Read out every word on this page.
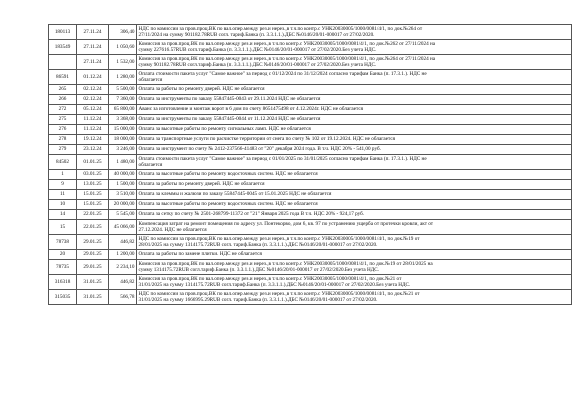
180113	27.11.24	306,40	НДС по комиссии за пров.проц.ВК по вал.опер.между рез.и нерез.,в т.ч.по контр.с УНК20030005/1000/0081/4/1, по док.№264 от
27/11/2024 на сумму 901182.78RUB согл. тариф.Банка (п. 3.3.1.1.).ДБС №0146/20/01-000017 от 27/02/2020.
183549	27.11.24	1 050,60	Комиссия за пров.проц.ВК по вал.опер.между рез.и нерез.,в т.ч.по контр.с УНК20030005/1000/0081/4/1, по док.№262 от 27/11/2024 на
сумму 227616.57RUB согл.тариф.Банка (п. 3.3.1.1.).ДБС №0146/20/01-000017 от 27/02/2020.Без учета НДС.
	27.11.24	1 532,00	Комиссия за пров.проц.ВК по вал.опер.между рез.и нерез.,в т.ч.по контр.с УНК20030005/1000/0081/4/1, по док.№264 от 27/11/2024 на
сумму 901182.78RUB согл.тариф.Банка (п. 3.3.1.1.).ДБС №0146/20/01-000017 от 27/02/2020.Без учета НДС.
86591	01.12.24	1 280,00	Оплата стоимости пакета услуг "Самое важное" за период с 01/12/2024 по 31/12/2024 согласно тарифам Банка (п. 17.3.1.). НДС не
облагается
265	02.12.24	5 500,00	Оплата за работы по ремонту дверей. НДС не облагается
266	02.12.24	7 360,00	Оплата за инструменты по заказу 55847445-0043 от 29.11.2024 НДС не облагается
272	05.12.24	65 800,00	Аванс за изготовление и монтаж ворот в 6 дом по счету 8651475498 от 4.12.2024г. НДС не облагается
275	11.12.24	3 368,00	Оплата за инструменты по заказу 55847445-0044 от 11.12.2024 НДС не облагается
276	11.12.24	15 000,00	Оплата за высотные работы по ремонту сигнальных ламп. НДС не облагается
278	19.12.24	18 000,00	Оплата за транспортные услуги по расчистке территории от снега по счету № 102 от 19.12.2024. НДС не облагается
279	23.12.24	3 246,00	Оплата за инструмент по счету № 2412-237566-41483 от "20" декабря 2024 года. В т.ч. НДС 20% - 541,00 руб.
84502	01.01.25	1 480,00	Оплата стоимости пакета услуг "Самое важное" за период с 01/01/2025 по 31/01/2025 согласно тарифам Банка (п. 17.3.1.). НДС не
облагается
1	03.01.25	40 000,00	Оплата за высотные работы по ремонту водосточных систем. НДС не облагается
9	13.01.25	1 500,00	Оплата за работы по ремонту дверей. НДС не облагается
11	15.01.25	3 510,00	Оплата за клеммы и жалюзи по заказу 55847445-0045 от 15.01.2025 НДС не облагается
10	15.01.25	20 000,00	Оплата за высотные работы по ремонту водосточных систем. НДС не облагается
14	22.01.25	5 545,00	Оплата за сетку по счету № 2501-268799-11372 от "21" Января 2025 года В т.ч. НДС 20% - 924,17 руб.
15	22.01.25	45 066,00	Компенсация затрат на ремонт помещения по адресу ул. Понтекорво, дом 6, кв. 97 по устранению ущерба от протечки кровли, акт от
27.12.2024. НДС не облагается
78738	29.01.25	446,82	НДС по комиссии за пров.проц.ВК по вал.опер.между рез.и нерез.,в т.ч.по контр.с УНК20030005/1000/0081/4/1, по док.№19 от
28/01/2025 на сумму 1314175.72RUB согл. тариф.Банка (п. 3.3.1.1.).ДБС №0146/20/01-000017 от 27/02/2020.
20	29.01.25	1 200,00	Оплата за работы по замене плитки. НДС не облагается
78735	29.01.25	2 234,10	Комиссия за пров.проц.ВК по вал.опер.между рез.и нерез.,в т.ч.по контр.с УНК20030005/1000/0081/4/1, по док.№19 от 28/01/2025 на
сумму 1314175.72RUB согл.тариф.Банка (п. 3.3.1.1.).ДБС №0146/20/01-000017 от 27/02/2020.Без учета НДС.
316318	31.01.25	446,82	Комиссия за пров.проц.ВК по вал.опер.между рез.и нерез.,в т.ч.по контр.с УНК20030005/1000/0081/4/1, по док.№21 от
31/01/2025 на сумму 1314175.72RUB согл.тариф.Банка (п. 3.3.1.1.).ДБС №0146/20/01-000017 от 27/02/2020.Без учета НДС.
315035	31.01.25	566,78	НДС по комиссии за пров.проц.ВК по вал.опер.между рез.и нерез.,в т.ч.по контр.с УНК20030005/1000/0081/4/1, по док.№21 от
31/01/2025 на сумму 1666995.29RUB согл. тариф.Банка (п. 3.3.1.1.).ДБС №0146/20/01-000017 от 27/02/2020.
